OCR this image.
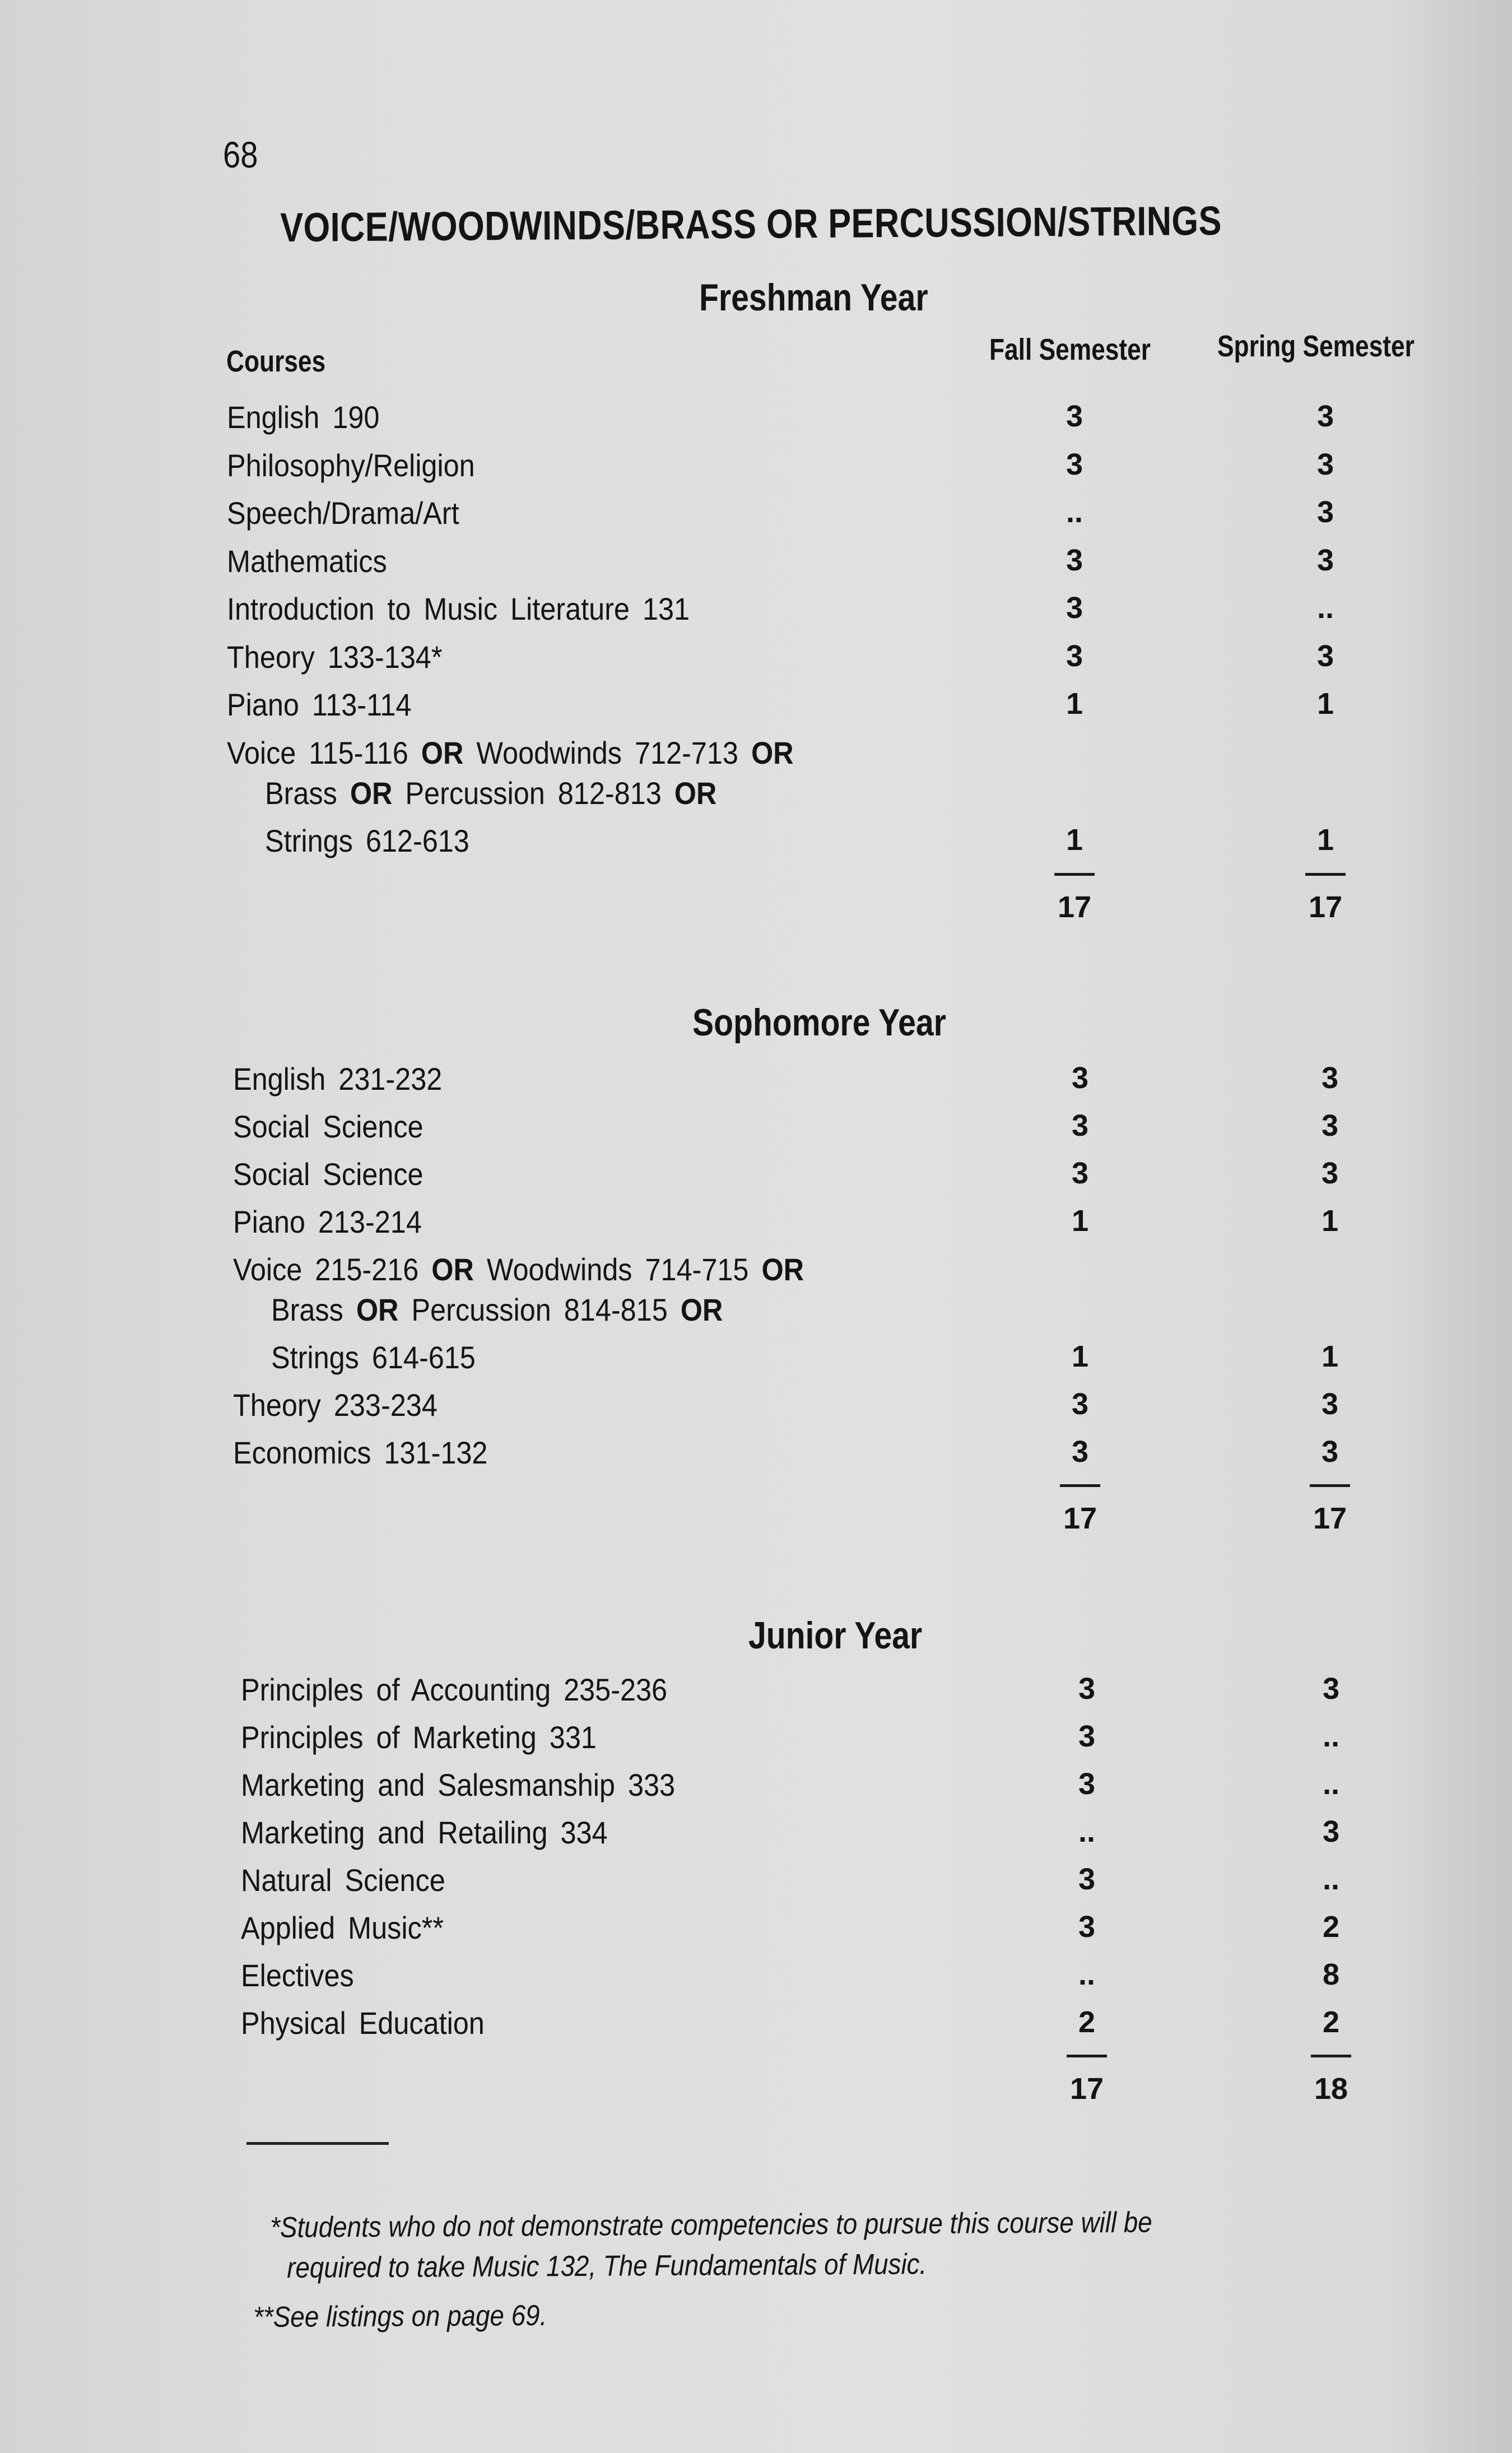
68
VOICE/WOODWINDS/BRASS OR PERCUSSION/STRINGS
Freshman Year
Courses	Fall Semester Spring Semester
English 190	3	3
Philosophy/Religion	3	3
Speech/Drama/Art	..	3
Mathematics	3	3
Introduction to Music Literature 131	3	..
Theory 133-134*	3	3
Piano 113-114	1	1
Voice 115-116 OR Woodwinds 712-713 OR
Brass OR Percussion 812-813 OR
Strings 612-613	1	1
17	17
Sophomore Year
English 231-232	3	3
Social Science	3	3
Social Science	3	3
Piano 213-214	1	1
Voice 215-216 OR Woodwinds 714-715 OR
Brass OR Percussion 814-815 OR
Strings 614-615	1	1
Theory 233-234	3	3
Economics 131-132	3	3
17	17
Junior Year
Principles of Accounting 235-236	3	3
Principles of Marketing 331	3	..
Marketing and Salesmanship 333	3	..
Marketing and Retailing 334	..	3
Natural Science	3	..
Applied Music**	3	2
Electives	..	8
Physical Education	2	2
17	18
*Students who do not demonstrate competencies to pursue this course will be
required to take Music 132, The Fundamentals of Music.
**See listings on page 69.
